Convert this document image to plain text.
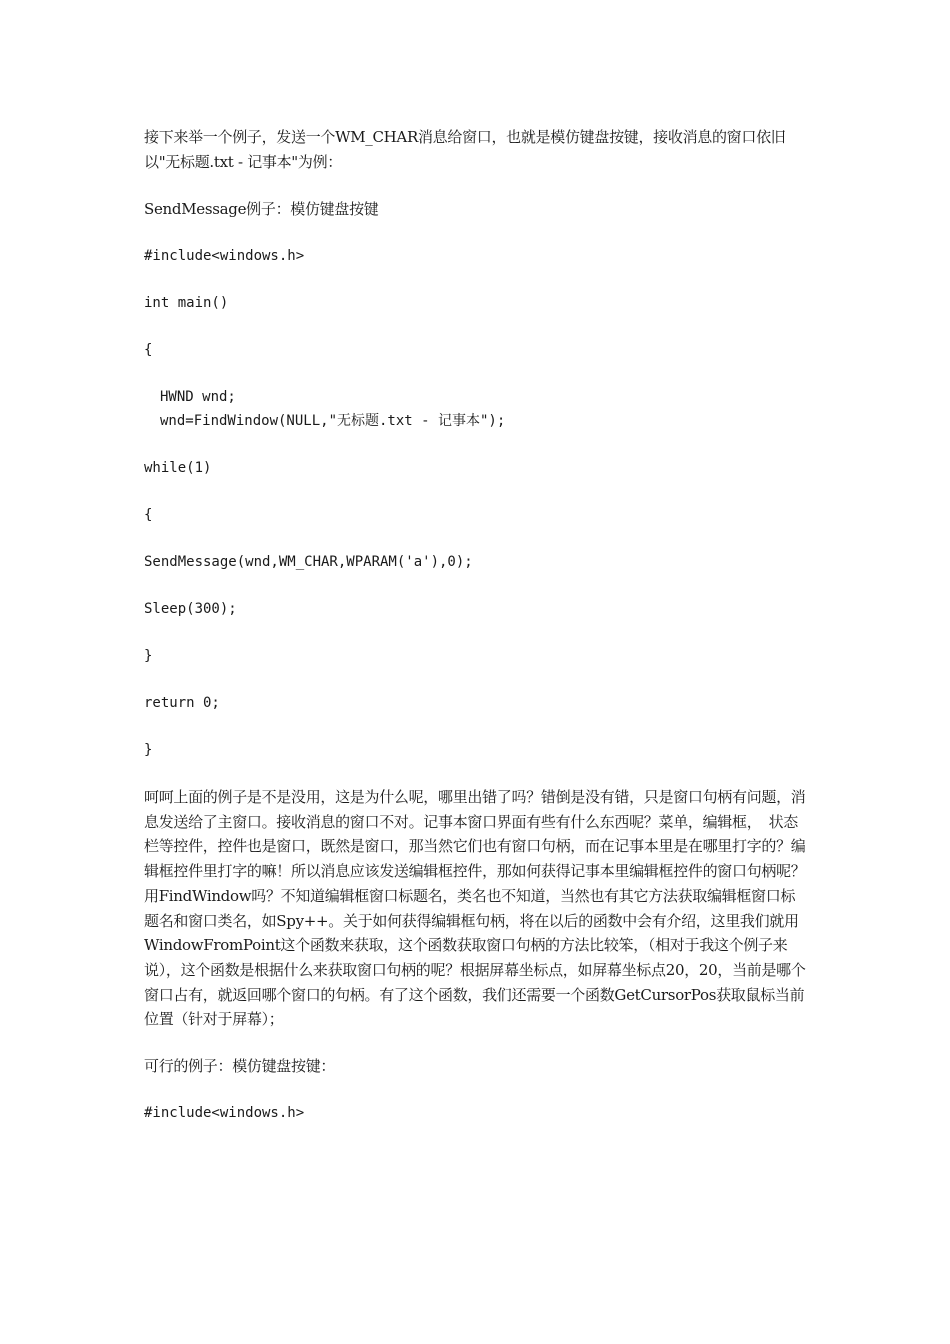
接下来举一个例子，发送一个WM_CHAR消息给窗口，也就是模仿键盘按键，接收消息的窗口依旧以"无标题.txt - 记事本"为例：

SendMessage例子：模仿键盘按键

#include<windows.h>
int main()
{
HWND wnd;
wnd=FindWindow(NULL,"无标题.txt - 记事本");
while(1)
{
SendMessage(wnd,WM_CHAR,WPARAM('a'),0);
Sleep(300);
}
return 0;
}

呵呵上面的例子是不是没用，这是为什么呢，哪里出错了吗？错倒是没有错，只是窗口句柄有问题，消息发送给了主窗口。接收消息的窗口不对。记事本窗口界面有些有什么东西呢？菜单，编辑框，　状态栏等控件，控件也是窗口，既然是窗口，那当然它们也有窗口句柄，而在记事本里是在哪里打字的？编辑框控件里打字的嘛！所以消息应该发送编辑框控件，那如何获得记事本里编辑框控件的窗口句柄呢？用FindWindow吗？不知道编辑框窗口标题名，类名也不知道，当然也有其它方法获取编辑框窗口标题名和窗口类名，如Spy++。关于如何获得编辑框句柄，将在以后的函数中会有介绍，这里我们就用WindowFromPoint这个函数来获取，这个函数获取窗口句柄的方法比较笨，（相对于我这个例子来说），这个函数是根据什么来获取窗口句柄的呢？根据屏幕坐标点，如屏幕坐标点20，20，当前是哪个窗口占有，就返回哪个窗口的句柄。有了这个函数，我们还需要一个函数GetCursorPos获取鼠标当前位置（针对于屏幕）；

可行的例子：模仿键盘按键：

#include<windows.h>
